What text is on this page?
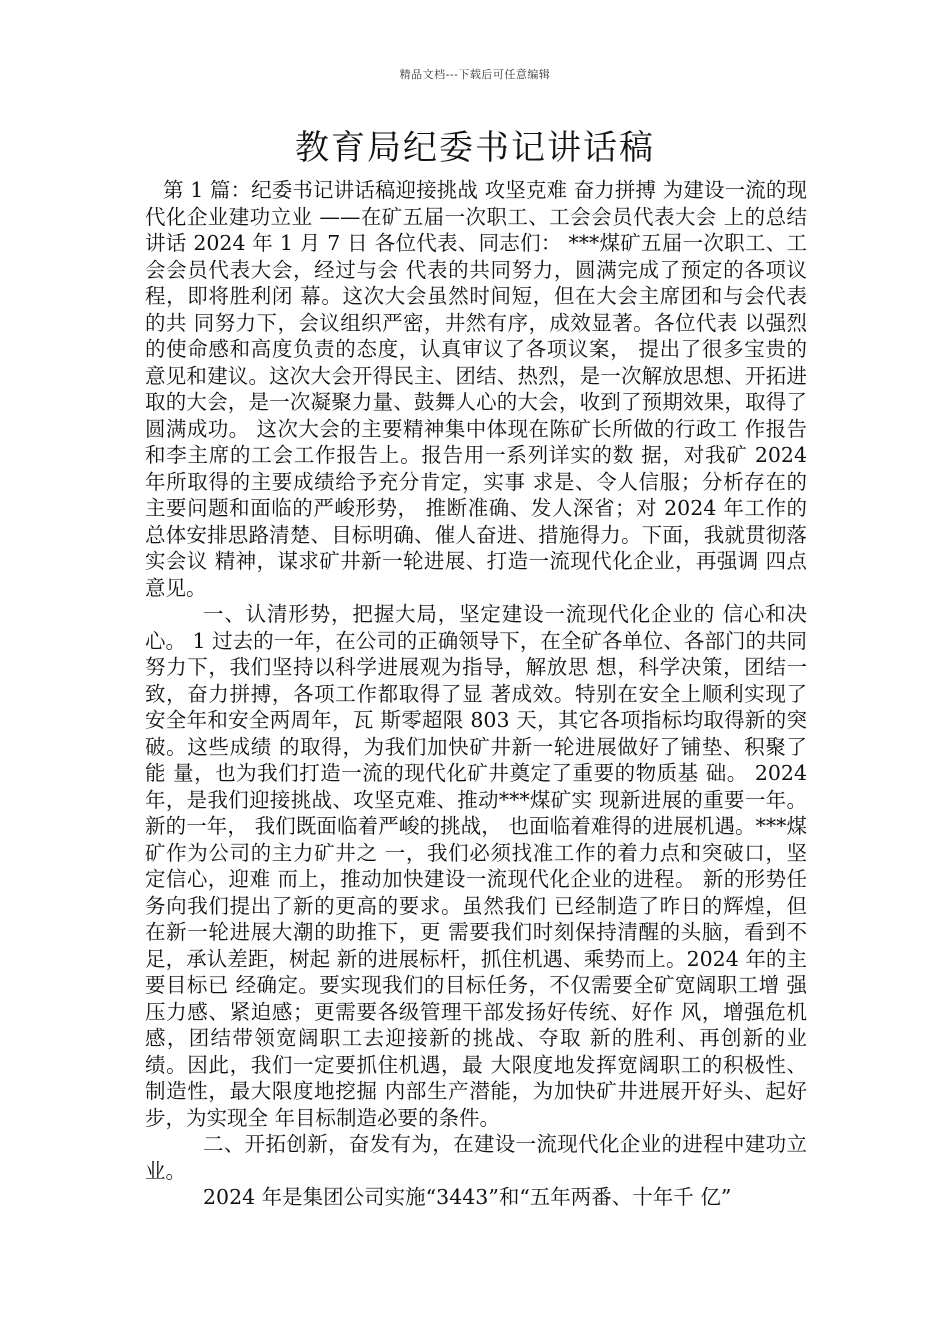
精品文档---下载后可任意编辑
教育局纪委书记讲话稿

第 1 篇：纪委书记讲话稿迎接挑战 攻坚克难 奋力拼搏 为建设一流的现代化企业建功立业 ——在矿五届一次职工、工会会员代表大会 上的总结讲话 2024 年 1 月 7 日 各位代表、同志们： ***煤矿五届一次职工、工会会员代表大会，经过与会 代表的共同努力，圆满完成了预定的各项议程，即将胜利闭 幕。这次大会虽然时间短，但在大会主席团和与会代表的共 同努力下，会议组织严密，井然有序，成效显著。各位代表 以强烈的使命感和高度负责的态度，认真审议了各项议案， 提出了很多宝贵的意见和建议。这次大会开得民主、团结、热烈，是一次解放思想、开拓进取的大会，是一次凝聚力量、鼓舞人心的大会，收到了预期效果，取得了圆满成功。 这次大会的主要精神集中体现在陈矿长所做的行政工 作报告和李主席的工会工作报告上。报告用一系列详实的数 据，对我矿 2024 年所取得的主要成绩给予充分肯定，实事 求是、令人信服；分析存在的主要问题和面临的严峻形势， 推断准确、发人深省；对 2024 年工作的总体安排思路清楚、目标明确、催人奋进、措施得力。下面，我就贯彻落实会议 精神，谋求矿井新一轮进展、打造一流现代化企业，再强调 四点意见。

一、认清形势，把握大局，坚定建设一流现代化企业的 信心和决心。 1 过去的一年，在公司的正确领导下，在全矿各单位、各部门的共同努力下，我们坚持以科学进展观为指导，解放思 想，科学决策，团结一致，奋力拼搏，各项工作都取得了显 著成效。特别在安全上顺利实现了安全年和安全两周年，瓦 斯零超限 803 天，其它各项指标均取得新的突破。这些成绩 的取得，为我们加快矿井新一轮进展做好了铺垫、积聚了能 量，也为我们打造一流的现代化矿井奠定了重要的物质基 础。 2024 年，是我们迎接挑战、攻坚克难、推动***煤矿实 现新进展的重要一年。 新的一年， 我们既面临着严峻的挑战， 也面临着难得的进展机遇。***煤矿作为公司的主力矿井之 一，我们必须找准工作的着力点和突破口，坚定信心，迎难 而上，推动加快建设一流现代化企业的进程。 新的形势任务向我们提出了新的更高的要求。虽然我们 已经制造了昨日的辉煌，但在新一轮进展大潮的助推下，更 需要我们时刻保持清醒的头脑，看到不足，承认差距，树起 新的进展标杆，抓住机遇、乘势而上。2024 年的主要目标已 经确定。要实现我们的目标任务，不仅需要全矿宽阔职工增 强压力感、紧迫感；更需要各级管理干部发扬好传统、好作 风，增强危机感，团结带领宽阔职工去迎接新的挑战、夺取 新的胜利、再创新的业绩。因此，我们一定要抓住机遇，最 大限度地发挥宽阔职工的积极性、制造性，最大限度地挖掘 内部生产潜能，为加快矿井进展开好头、起好步，为实现全 年目标制造必要的条件。

二、开拓创新，奋发有为，在建设一流现代化企业的进程中建功立业。

2024 年是集团公司实施“3443”和“五年两番、十年千 亿”
